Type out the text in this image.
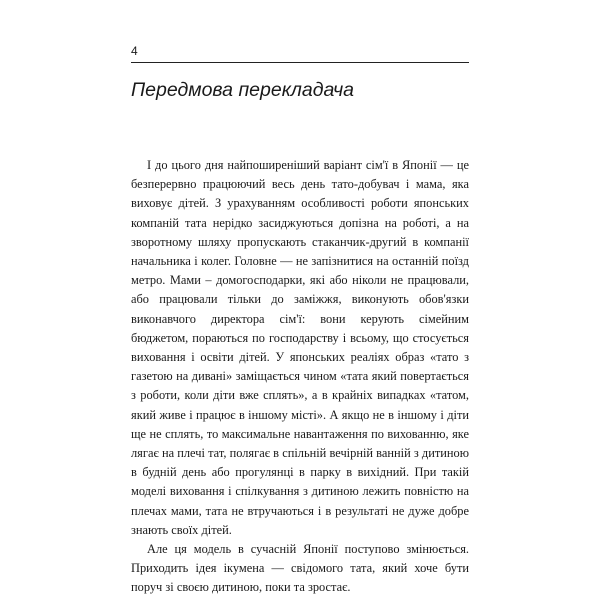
4
Передмова перекладача

І до цього дня найпоширеніший варіант сім'ї в Японії — це безперервно працюючий весь день тато-добувач і мама, яка виховує дітей. З урахуванням особливості роботи японських компаній тата нерідко засиджуються допізна на роботі, а на зворотному шляху пропускають стаканчик-другий в компанії начальника і колег. Головне — не запізнитися на останній поїзд метро. Мами – домогосподарки, які або ніколи не працювали, або працювали тільки до заміжжя, виконують обов'язки виконавчого директора сім'ї: вони керують сімейним бюджетом, пораються по господарству і всьому, що стосується виховання і освіти дітей. У японських реаліях образ «тато з газетою на дивані» заміщається чином «тата який повертається з роботи, коли діти вже сплять», а в крайніх випадках «татом, який живе і працює в іншому місті». А якщо не в іншому і діти ще не сплять, то максимальне навантаження по вихованню, яке лягає на плечі тат, полягає в спільній вечірній ванній з дитиною в будній день або прогулянці в парку в вихідний. При такій моделі виховання і спілкування з дитиною лежить повністю на плечах мами, тата не втручаються і в результаті не дуже добре знають своїх дітей.

Але ця модель в сучасній Японії поступово змінюється. Приходить ідея ікумена — свідомого тата, який хоче бути поруч зі своєю дитиною, поки та зростає.
